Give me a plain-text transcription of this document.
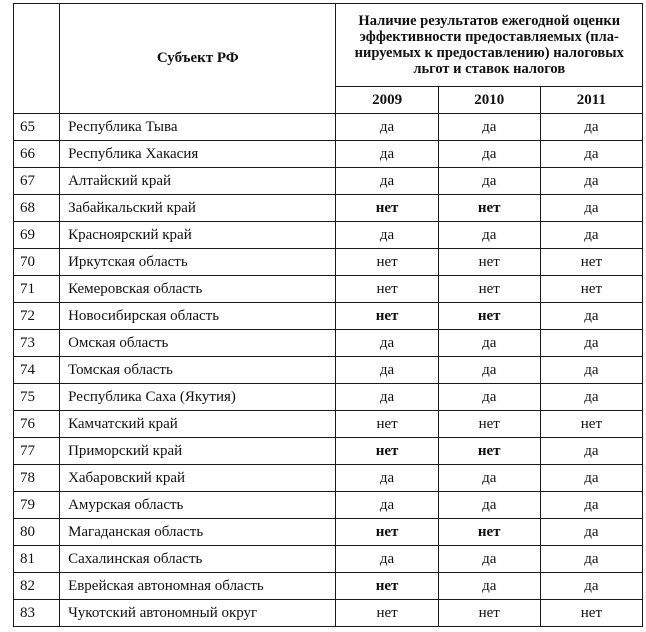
	Субъект РФ	Наличие результатов ежегодной оценки эффективности предоставляемых (пла-нируемых к предоставлению) налоговых льгот и ставок налогов		
		2009	2010	2011
65	Республика Тыва	да	да	да
66	Республика Хакасия	да	да	да
67	Алтайский край	да	да	да
68	Забайкальский край	нет	нет	да
69	Красноярский край	да	да	да
70	Иркутская область	нет	нет	нет
71	Кемеровская область	нет	нет	нет
72	Новосибирская область	нет	нет	да
73	Омская область	да	да	да
74	Томская область	да	да	да
75	Республика Саха (Якутия)	да	да	да
76	Камчатский край	нет	нет	нет
77	Приморский край	нет	нет	да
78	Хабаровский край	да	да	да
79	Амурская область	да	да	да
80	Магаданская область	нет	нет	да
81	Сахалинская область	да	да	да
82	Еврейская автономная область	нет	да	да
83	Чукотский автономный округ	нет	нет	нет
